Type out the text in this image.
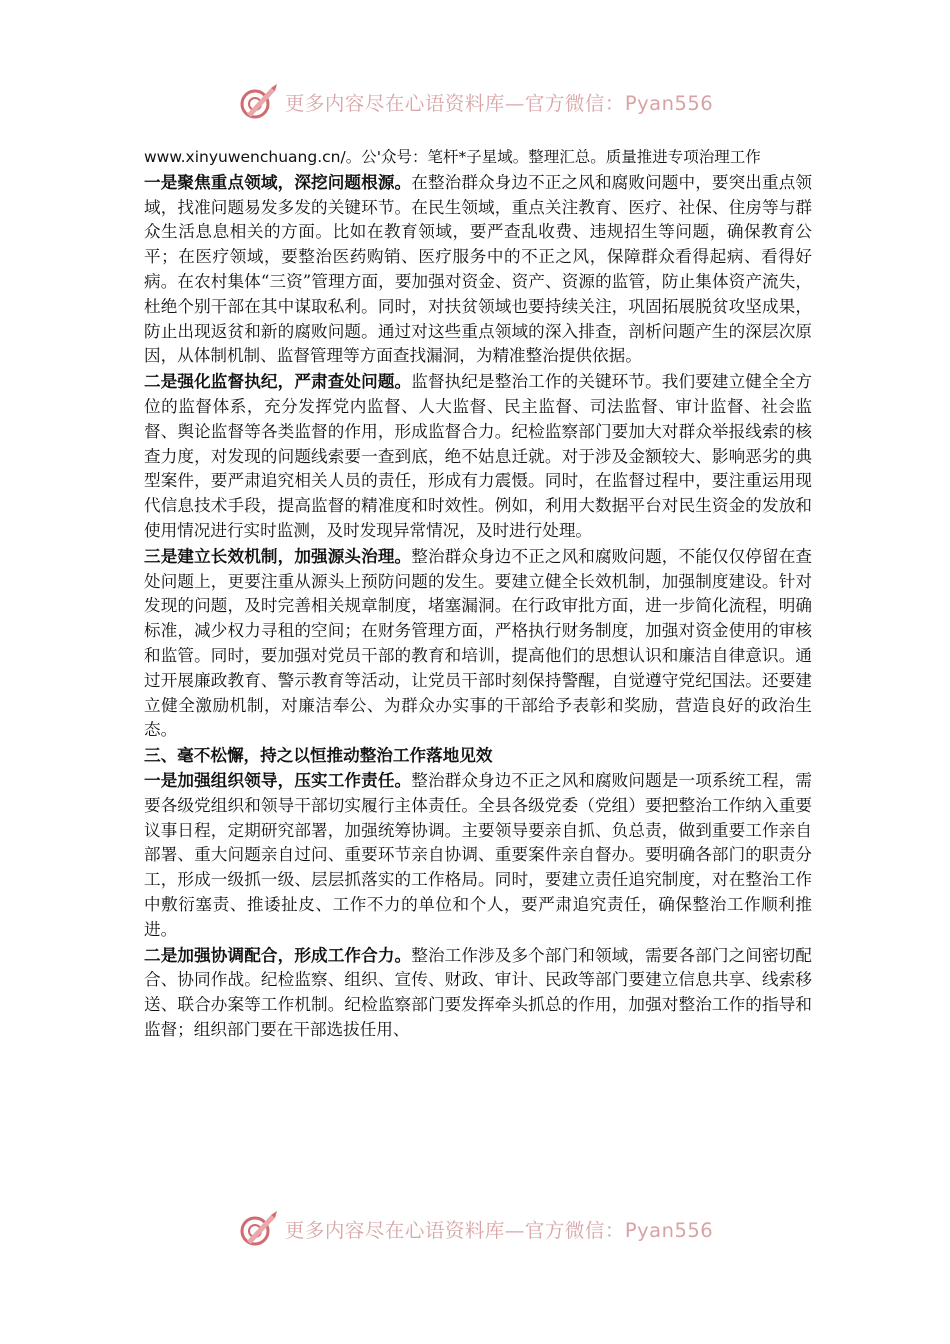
更多内容尽在心语资料库—官方微信：Pyan556

www.xinyuwenchuang.cn/。公'众号：笔杆*子星域。整理汇总。质量推进专项治理工作

一是聚焦重点领域，深挖问题根源。在整治群众身边不正之风和腐败问题中，要突出重点领域，找准问题易发多发的关键环节。在民生领域，重点关注教育、医疗、社保、住房等与群众生活息息相关的方面。比如在教育领域，要严查乱收费、违规招生等问题，确保教育公平；在医疗领域，要整治医药购销、医疗服务中的不正之风，保障群众看得起病、看得好病。在农村集体“三资”管理方面，要加强对资金、资产、资源的监管，防止集体资产流失，杜绝个别干部在其中谋取私利。同时，对扶贫领域也要持续关注，巩固拓展脱贫攻坚成果，防止出现返贫和新的腐败问题。通过对这些重点领域的深入排查，剖析问题产生的深层次原因，从体制机制、监督管理等方面查找漏洞，为精准整治提供依据。

二是强化监督执纪，严肃查处问题。监督执纪是整治工作的关键环节。我们要建立健全全方位的监督体系，充分发挥党内监督、人大监督、民主监督、司法监督、审计监督、社会监督、舆论监督等各类监督的作用，形成监督合力。纪检监察部门要加大对群众举报线索的核查力度，对发现的问题线索要一查到底，绝不姑息迁就。对于涉及金额较大、影响恶劣的典型案件，要严肃追究相关人员的责任，形成有力震慑。同时，在监督过程中，要注重运用现代信息技术手段，提高监督的精准度和时效性。例如，利用大数据平台对民生资金的发放和使用情况进行实时监测，及时发现异常情况，及时进行处理。

三是建立长效机制，加强源头治理。整治群众身边不正之风和腐败问题，不能仅仅停留在查处问题上，更要注重从源头上预防问题的发生。要建立健全长效机制，加强制度建设。针对发现的问题，及时完善相关规章制度，堵塞漏洞。在行政审批方面，进一步简化流程，明确标准，减少权力寻租的空间；在财务管理方面，严格执行财务制度，加强对资金使用的审核和监管。同时，要加强对党员干部的教育和培训，提高他们的思想认识和廉洁自律意识。通过开展廉政教育、警示教育等活动，让党员干部时刻保持警醒，自觉遵守党纪国法。还要建立健全激励机制，对廉洁奉公、为群众办实事的干部给予表彰和奖励，营造良好的政治生态。

三、毫不松懈，持之以恒推动整治工作落地见效

一是加强组织领导，压实工作责任。整治群众身边不正之风和腐败问题是一项系统工程，需要各级党组织和领导干部切实履行主体责任。全县各级党委（党组）要把整治工作纳入重要议事日程，定期研究部署，加强统筹协调。主要领导要亲自抓、负总责，做到重要工作亲自部署、重大问题亲自过问、重要环节亲自协调、重要案件亲自督办。要明确各部门的职责分工，形成一级抓一级、层层抓落实的工作格局。同时，要建立责任追究制度，对在整治工作中敷衍塞责、推诿扯皮、工作不力的单位和个人，要严肃追究责任，确保整治工作顺利推进。

二是加强协调配合，形成工作合力。整治工作涉及多个部门和领域，需要各部门之间密切配合、协同作战。纪检监察、组织、宣传、财政、审计、民政等部门要建立信息共享、线索移送、联合办案等工作机制。纪检监察部门要发挥牵头抓总的作用，加强对整治工作的指导和监督；组织部门要在干部选拔任用、

更多内容尽在心语资料库—官方微信：Pyan556
